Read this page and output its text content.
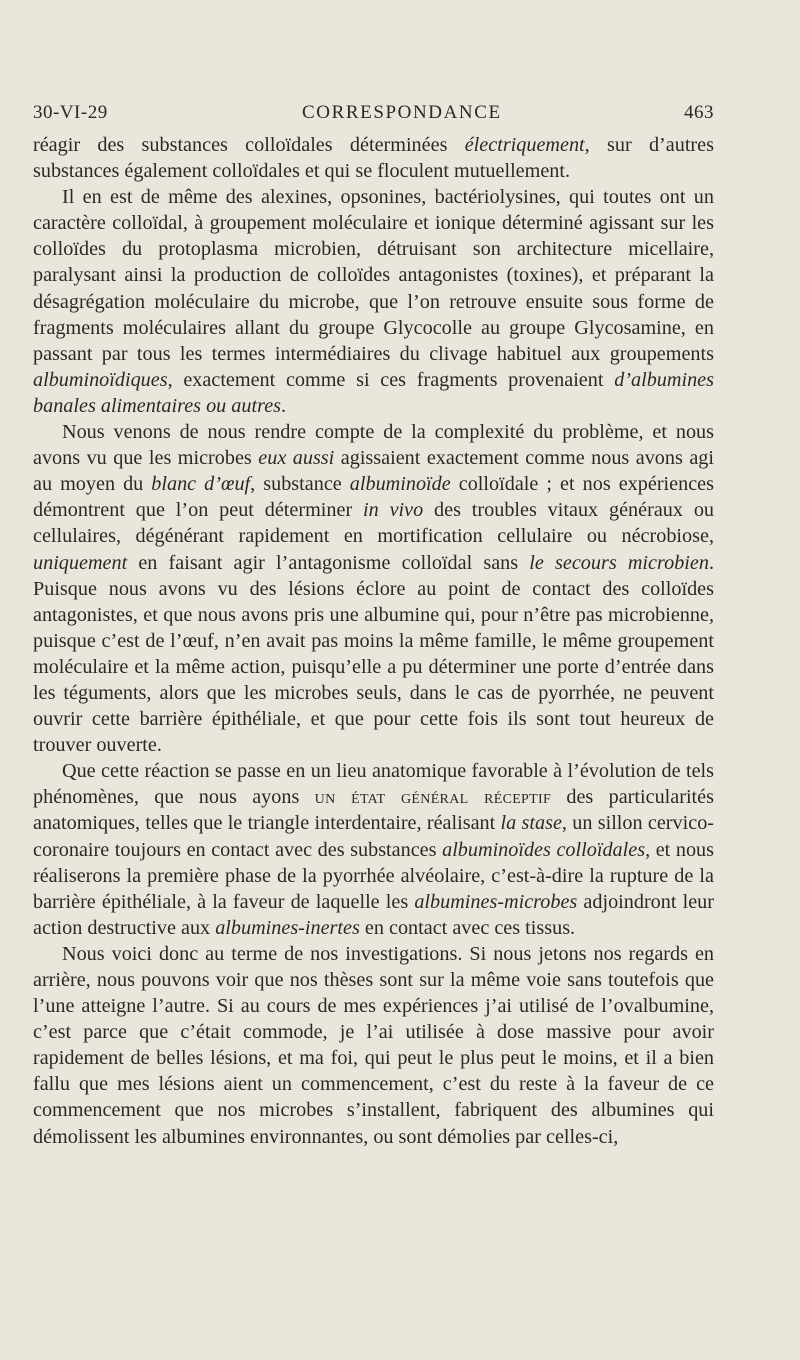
30-VI-29	CORRESPONDANCE	463

réagir des substances colloïdales déterminées électriquement, sur d’autres substances également colloïdales et qui se floculent mutuellement.

Il en est de même des alexines, opsonines, bactériolysines, qui toutes ont un caractère colloïdal, à groupement moléculaire et ionique déterminé agissant sur les colloïdes du protoplasma microbien, détruisant son architecture micellaire, paralysant ainsi la production de colloïdes antagonistes (toxines), et préparant la désagrégation moléculaire du microbe, que l’on retrouve ensuite sous forme de fragments moléculaires allant du groupe Glycocolle au groupe Glycosamine, en passant par tous les termes intermédiaires du clivage habituel aux groupements albuminoïdiques, exactement comme si ces fragments provenaient d’albumines banales alimentaires ou autres.

Nous venons de nous rendre compte de la complexité du problème, et nous avons vu que les microbes eux aussi agissaient exactement comme nous avons agi au moyen du blanc d’œuf, substance albuminoïde colloïdale ; et nos expériences démontrent que l’on peut déterminer in vivo des troubles vitaux généraux ou cellulaires, dégénérant rapidement en mortification cellulaire ou nécrobiose, uniquement en faisant agir l’antagonisme colloïdal sans le secours microbien. Puisque nous avons vu des lésions éclore au point de contact des colloïdes antagonistes, et que nous avons pris une albumine qui, pour n’être pas microbienne, puisque c’est de l’œuf, n’en avait pas moins la même famille, le même groupement moléculaire et la même action, puisqu’elle a pu déterminer une porte d’entrée dans les téguments, alors que les microbes seuls, dans le cas de pyorrhée, ne peuvent ouvrir cette barrière épithéliale, et que pour cette fois ils sont tout heureux de trouver ouverte.

Que cette réaction se passe en un lieu anatomique favorable à l’évolution de tels phénomènes, que nous ayons un état général réceptif des particularités anatomiques, telles que le triangle interdentaire, réalisant la stase, un sillon cervico-coronaire toujours en contact avec des substances albuminoïdes colloïdales, et nous réaliserons la première phase de la pyorrhée alvéolaire, c’est-à-dire la rupture de la barrière épithéliale, à la faveur de laquelle les albumines-microbes adjoindront leur action destructive aux albumines-inertes en contact avec ces tissus.

Nous voici donc au terme de nos investigations. Si nous jetons nos regards en arrière, nous pouvons voir que nos thèses sont sur la même voie sans toutefois que l’une atteigne l’autre. Si au cours de mes expériences j’ai utilisé de l’ovalbumine, c’est parce que c’était commode, je l’ai utilisée à dose massive pour avoir rapidement de belles lésions, et ma foi, qui peut le plus peut le moins, et il a bien fallu que mes lésions aient un commencement, c’est du reste à la faveur de ce commencement que nos microbes s’installent, fabriquent des albumines qui démolissent les albumines environnantes, ou sont démolies par celles-ci,
